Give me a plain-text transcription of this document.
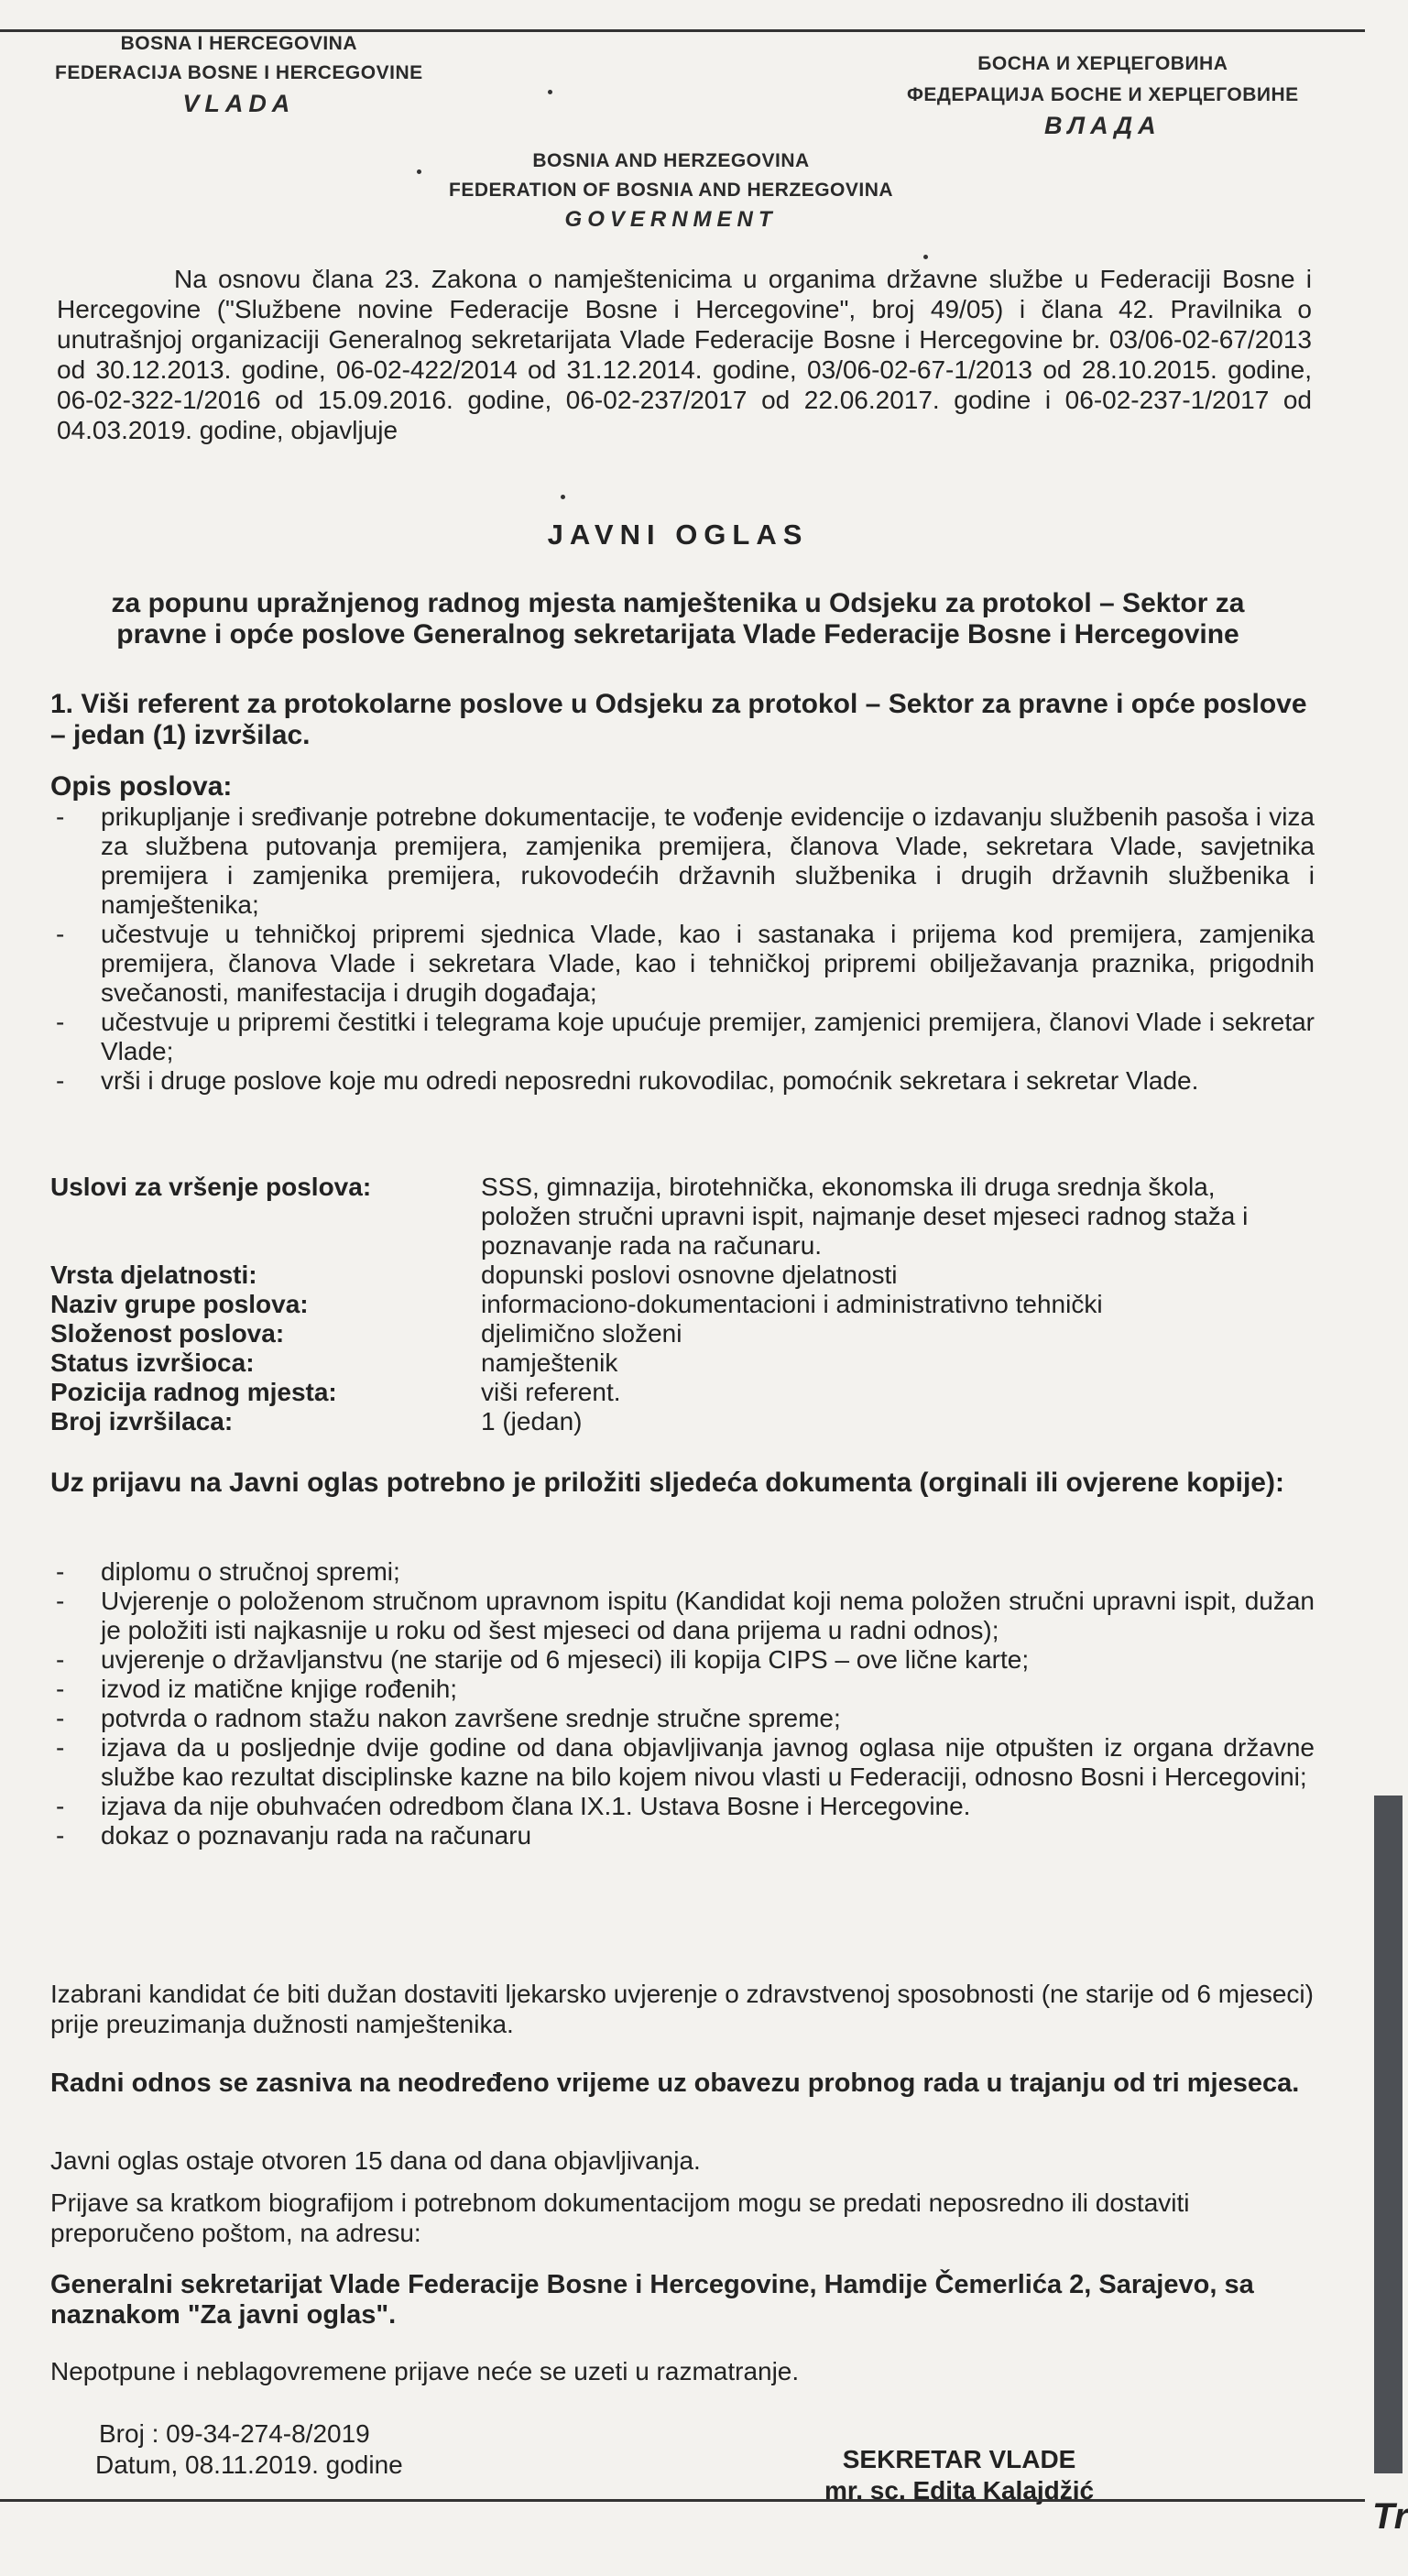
BOSNA I HERCEGOVINA
FEDERACIJA BOSNE I HERCEGOVINE
VLADA
БОСНА И ХЕРЦЕГОВИНА
ФЕДЕРАЦИЈА БОСНЕ И ХЕРЦЕГОВИНЕ
ВЛАДА
BOSNIA AND HERZEGOVINA
FEDERATION OF BOSNIA AND HERZEGOVINA
GOVERNMENT
Na osnovu člana 23. Zakona o namještenicima u organima državne službe u Federaciji Bosne i Hercegovine ("Službene novine Federacije Bosne i Hercegovine", broj 49/05) i člana 42. Pravilnika o unutrašnjoj organizaciji Generalnog sekretarijata Vlade Federacije Bosne i Hercegovine br. 03/06-02-67/2013 od 30.12.2013. godine, 06-02-422/2014 od 31.12.2014. godine, 03/06-02-67-1/2013 od 28.10.2015. godine, 06-02-322-1/2016 od 15.09.2016. godine, 06-02-237/2017 od 22.06.2017. godine i 06-02-237-1/2017 od 04.03.2019. godine, objavljuje
JAVNI OGLAS
za popunu upražnjenog radnog mjesta namještenika u Odsjeku za protokol – Sektor za pravne i opće poslove Generalnog sekretarijata Vlade Federacije Bosne i Hercegovine
1. Viši referent za protokolarne poslove u Odsjeku za protokol – Sektor za pravne i opće poslove – jedan (1) izvršilac.
Opis poslova:
- prikupljanje i sređivanje potrebne dokumentacije, te vođenje evidencije o izdavanju službenih pasoša i viza za službena putovanja premijera, zamjenika premijera, članova Vlade, sekretara Vlade, savjetnika premijera i zamjenika premijera, rukovodećih državnih službenika i drugih državnih službenika i namještenika;
- učestvuje u tehničkoj pripremi sjednica Vlade, kao i sastanaka i prijema kod premijera, zamjenika premijera, članova Vlade i sekretara Vlade, kao i tehničkoj pripremi obilježavanja praznika, prigodnih svečanosti, manifestacija i drugih događaja;
- učestvuje u pripremi čestitki i telegrama koje upućuje premijer, zamjenici premijera, članovi Vlade i sekretar Vlade;
- vrši i druge poslove koje mu odredi neposredni rukovodilac, pomoćnik sekretara i sekretar Vlade.
Uslovi za vršenje poslova:	SSS, gimnazija, birotehnička, ekonomska ili druga srednja škola, položen stručni upravni ispit, najmanje deset mjeseci radnog staža i poznavanje rada na računaru.
Vrsta djelatnosti:	dopunski poslovi osnovne djelatnosti
Naziv grupe poslova:	informaciono-dokumentacioni i administrativno tehnički
Složenost poslova:	djelimično složeni
Status izvršioca:	namještenik
Pozicija radnog mjesta:	viši referent.
Broj izvršilaca:	1 (jedan)
Uz prijavu na Javni oglas potrebno je priložiti sljedeća dokumenta (orginali ili ovjerene kopije):
- diplomu o stručnoj spremi;
- Uvjerenje o položenom stručnom upravnom ispitu (Kandidat koji nema položen stručni upravni ispit, dužan je položiti isti najkasnije u roku od šest mjeseci od dana prijema u radni odnos);
- uvjerenje o državljanstvu (ne starije od 6 mjeseci) ili kopija CIPS – ove lične karte;
- izvod iz matične knjige rođenih;
- potvrda o radnom stažu nakon završene srednje stručne spreme;
- izjava da u posljednje dvije godine od dana objavljivanja javnog oglasa nije otpušten iz organa državne službe kao rezultat disciplinske kazne na bilo kojem nivou vlasti u Federaciji, odnosno Bosni i Hercegovini;
- izjava da nije obuhvaćen odredbom člana IX.1. Ustava Bosne i Hercegovine.
- dokaz o poznavanju rada na računaru
Izabrani kandidat će biti dužan dostaviti ljekarsko uvjerenje o zdravstvenoj sposobnosti (ne starije od 6 mjeseci) prije preuzimanja dužnosti namještenika.
Radni odnos se zasniva na neodređeno vrijeme uz obavezu probnog rada u trajanju od tri mjeseca.
Javni oglas ostaje otvoren 15 dana od dana objavljivanja.
Prijave sa kratkom biografijom i potrebnom dokumentacijom mogu se predati neposredno ili dostaviti preporučeno poštom, na adresu:
Generalni sekretarijat Vlade Federacije Bosne i Hercegovine, Hamdije Čemerlića 2, Sarajevo, sa naznakom "Za javni oglas".
Nepotpune i neblagovremene prijave neće se uzeti u razmatranje.
Broj : 09-34-274-8/2019
Datum, 08.11.2019. godine	SEKRETAR VLADE
mr. sc. Edita Kalajdžić
Tr
